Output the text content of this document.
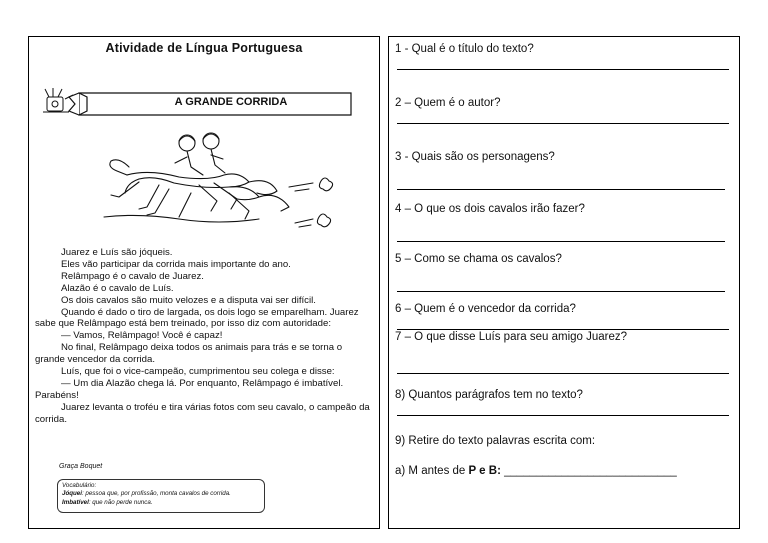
Atividade de Língua Portuguesa
A GRANDE CORRIDA

Juarez e Luís são jóqueis.

Eles vão participar da corrida mais importante do ano.

Relâmpago é o cavalo de Juarez.

Alazão é o cavalo de Luís.

Os dois cavalos são muito velozes e a disputa vai ser difícil.

Quando é dado o tiro de largada, os dois logo se emparelham. Juarez sabe que Relâmpago está bem treinado, por isso diz com autoridade:

— Vamos, Relâmpago! Você é capaz!

No final, Relâmpago deixa todos os animais para trás e se torna o grande vencedor da corrida.

Luís, que foi o vice-campeão, cumprimentou seu colega e disse:

— Um dia Alazão chega lá. Por enquanto, Relâmpago é imbatível. Parabéns!

Juarez levanta o troféu e tira várias fotos com seu cavalo, o campeão da corrida.

Graça Boquet
Vocabulário:
Jóquei: pessoa que, por profissão, monta cavalos de corrida.
Imbatível: que não perde nunca.
1 - Qual é o título do texto?
2 – Quem é o autor?
3 - Quais são os personagens?
4 – O que os dois cavalos irão fazer?
5 – Como se chama os cavalos?
6 – Quem é o vencedor da corrida?
7 – O que disse Luís para seu amigo Juarez?
8) Quantos parágrafos tem no texto?
9) Retire do texto palavras escrita com:
a) M antes de P e B: ___________________________
